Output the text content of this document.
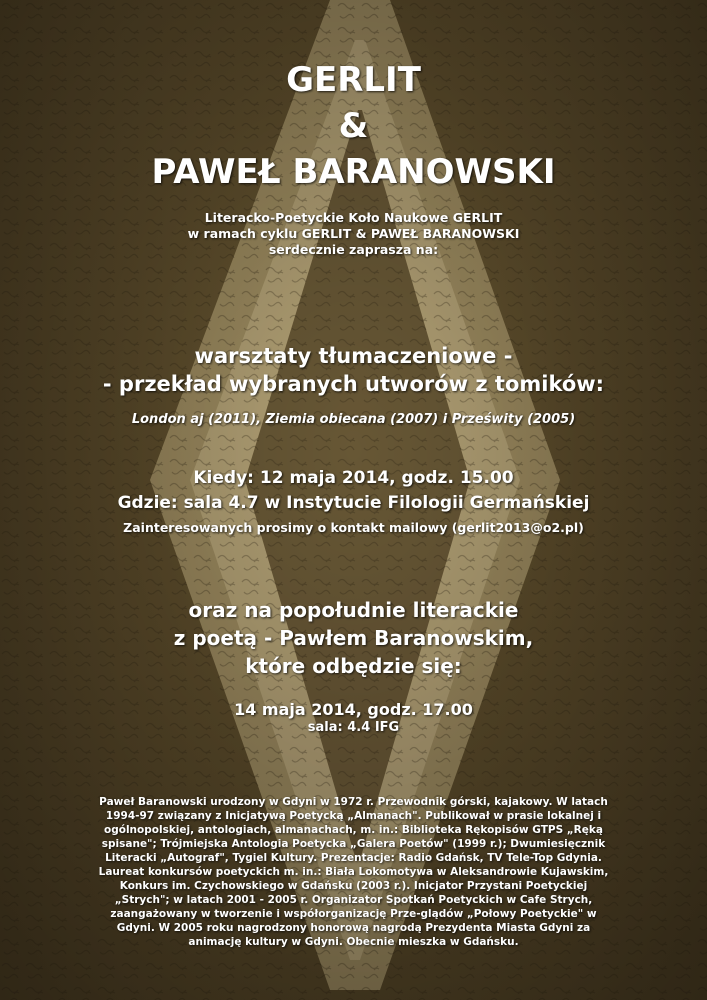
GERLIT
&
PAWEŁ BARANOWSKI
Literacko-Poetyckie Koło Naukowe GERLIT
w ramach cyklu GERLIT & PAWEŁ BARANOWSKI
serdecznie zaprasza na:
warsztaty tłumaczeniowe -
- przekład wybranych utworów z tomików:
London aj (2011), Ziemia obiecana (2007) i Prześwity (2005)
Kiedy: 12 maja 2014, godz. 15.00
Gdzie: sala 4.7 w Instytucie Filologii Germańskiej
Zainteresowanych prosimy o kontakt mailowy (gerlit2013@o2.pl)
oraz na popołudnie literackie
z poetą - Pawłem Baranowskim,
które odbędzie się:
14 maja 2014, godz. 17.00
sala: 4.4 IFG
Paweł Baranowski urodzony w Gdyni w 1972 r. Przewodnik górski, kajakowy. W latach
1994-97 związany z Inicjatywą Poetycką „Almanach". Publikował w prasie lokalnej i
ogólnopolskiej, antologiach, almanachach, m. in.: Biblioteka Rękopisów GTPS „Ręką
spisane"; Trójmiejska Antologia Poetycka „Galera Poetów" (1999 r.); Dwumiesięcznik
Literacki „Autograf", Tygiel Kultury. Prezentacje: Radio Gdańsk, TV Tele-Top Gdynia.
Laureat konkursów poetyckich m. in.: Biała Lokomotywa w Aleksandrowie Kujawskim,
Konkurs im. Czychowskiego w Gdańsku (2003 r.). Inicjator Przystani Poetyckiej
„Strych"; w latach 2001 - 2005 r. Organizator Spotkań Poetyckich w Cafe Strych,
zaangażowany w tworzenie i współorganizację Prze-glądów „Połowy Poetyckie" w
Gdyni. W 2005 roku nagrodzony honorową nagrodą Prezydenta Miasta Gdyni za
animację kultury w Gdyni. Obecnie mieszka w Gdańsku.
